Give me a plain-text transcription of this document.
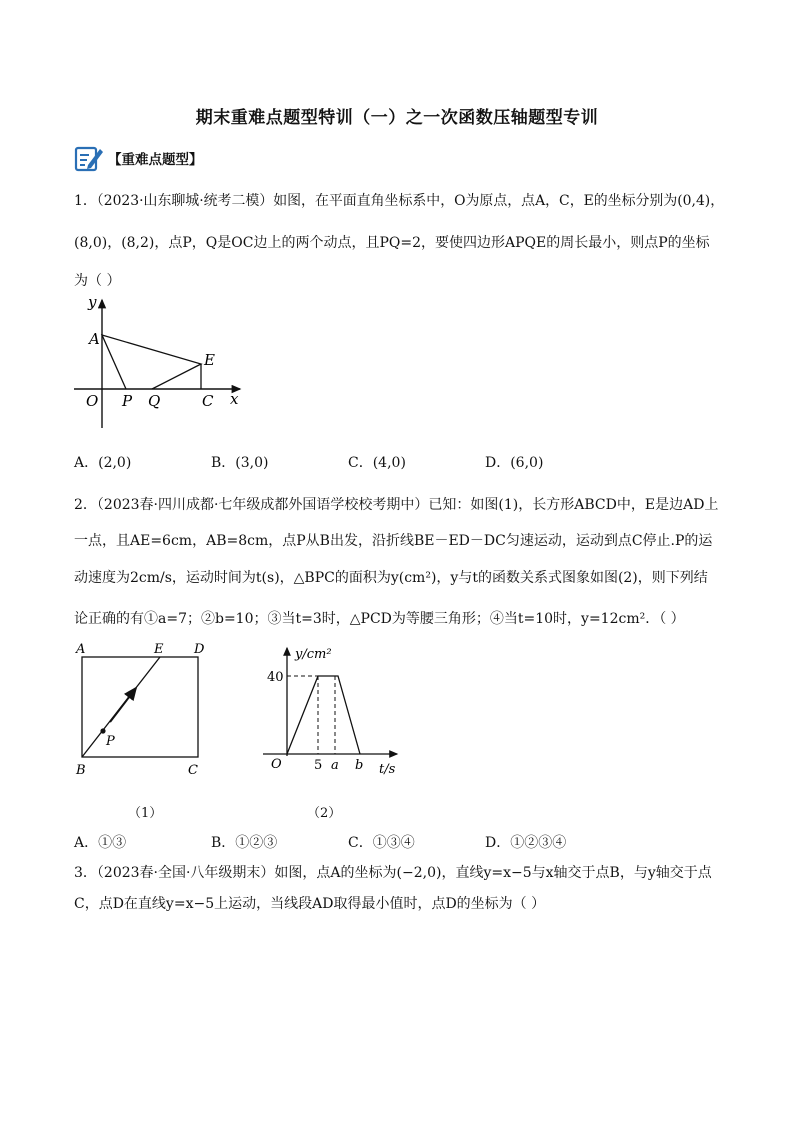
期末重难点题型特训（一）之一次函数压轴题型专训
【重难点题型】
1．（2023·山东聊城·统考二模）如图，在平面直角坐标系中，O为原点，点A，C，E的坐标分别为(0,4)，
(8,0)，(8,2)，点P，Q是OC边上的两个动点，且PQ=2，要使四边形APQE的周长最小，则点P的坐标
为（ ）
y
x
A
E
O P Q	C
A．(2,0)	B．(3,0)	C．(4,0)	D．(6,0)
2．（2023春·四川成都·七年级成都外国语学校校考期中）已知：如图(1)，长方形ABCD中，E是边AD上
一点，且AE=6cm，AB=8cm，点P从B出发，沿折线BE－ED－DC匀速运动，运动到点C停止.P的运
动速度为2cm/s，运动时间为t(s)，△BPC的面积为y(cm²)，y与t的函数关系式图象如图(2)，则下列结
论正确的有①a=7；②b=10；③当t=3时，△PCD为等腰三角形；④当t=10时，y=12cm²．（ ）
A	E D
P
B	C
（1）
y/cm²
40
O 5 a b t/s
（2）
A．①③	B．①②③	C．①③④	D．①②③④
3．（2023春·全国·八年级期末）如图，点A的坐标为(−2,0)，直线y=x−5与x轴交于点B，与y轴交于点
C，点D在直线y=x−5上运动，当线段AD取得最小值时，点D的坐标为（ ）
